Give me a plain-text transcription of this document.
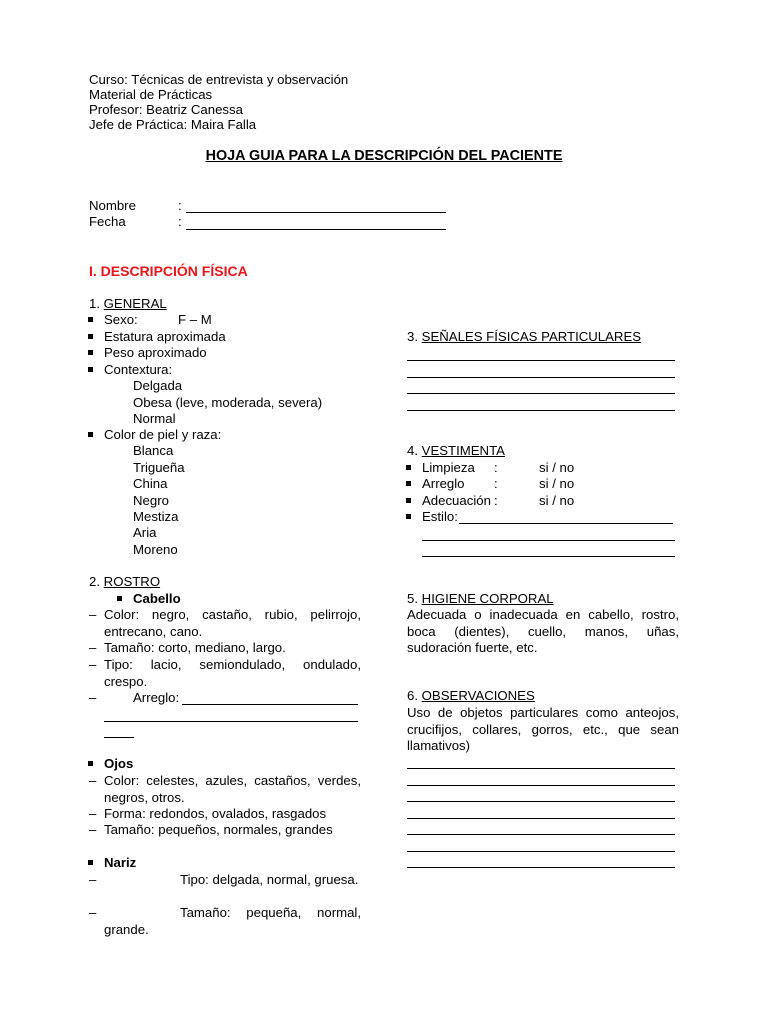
Curso: Técnicas de entrevista y observación
Material de Prácticas
Profesor: Beatriz Canessa
Jefe de Práctica: Maira Falla
HOJA GUIA PARA LA DESCRIPCIÓN DEL PACIENTE
Nombre	:
Fecha	:
I. DESCRIPCIÓN FÍSICA
1. GENERAL
Sexo:	F – M
Estatura aproximada
Peso aproximado
Contextura:
Delgada
Obesa (leve, moderada, severa)
Normal
Color de piel y raza:
Blanca
Trigueña
China
Negro
Mestiza
Aria
Moreno
2. ROSTRO
Cabello
– Color: negro, castaño, rubio, pelirrojo, entrecano, cano.
– Tamaño: corto, mediano, largo.
– Tipo: lacio, semiondulado, ondulado, crespo.
–	Arreglo:
Ojos
– Color: celestes, azules, castaños, verdes, negros, otros.
– Forma: redondos, ovalados, rasgados
– Tamaño: pequeños, normales, grandes
Nariz
–	Tipo: delgada, normal, gruesa.
–	Tamaño: pequeña, normal, grande.
3. SEÑALES FÍSICAS PARTICULARES
4. VESTIMENTA
Limpieza :	si / no
Arreglo :	si / no
Adecuación :	si / no
Estilo:
5. HIGIENE CORPORAL
Adecuada o inadecuada en cabello, rostro, boca (dientes), cuello, manos, uñas, sudoración fuerte, etc.
6. OBSERVACIONES
Uso de objetos particulares como anteojos, crucifijos, collares, gorros, etc., que sean llamativos)
